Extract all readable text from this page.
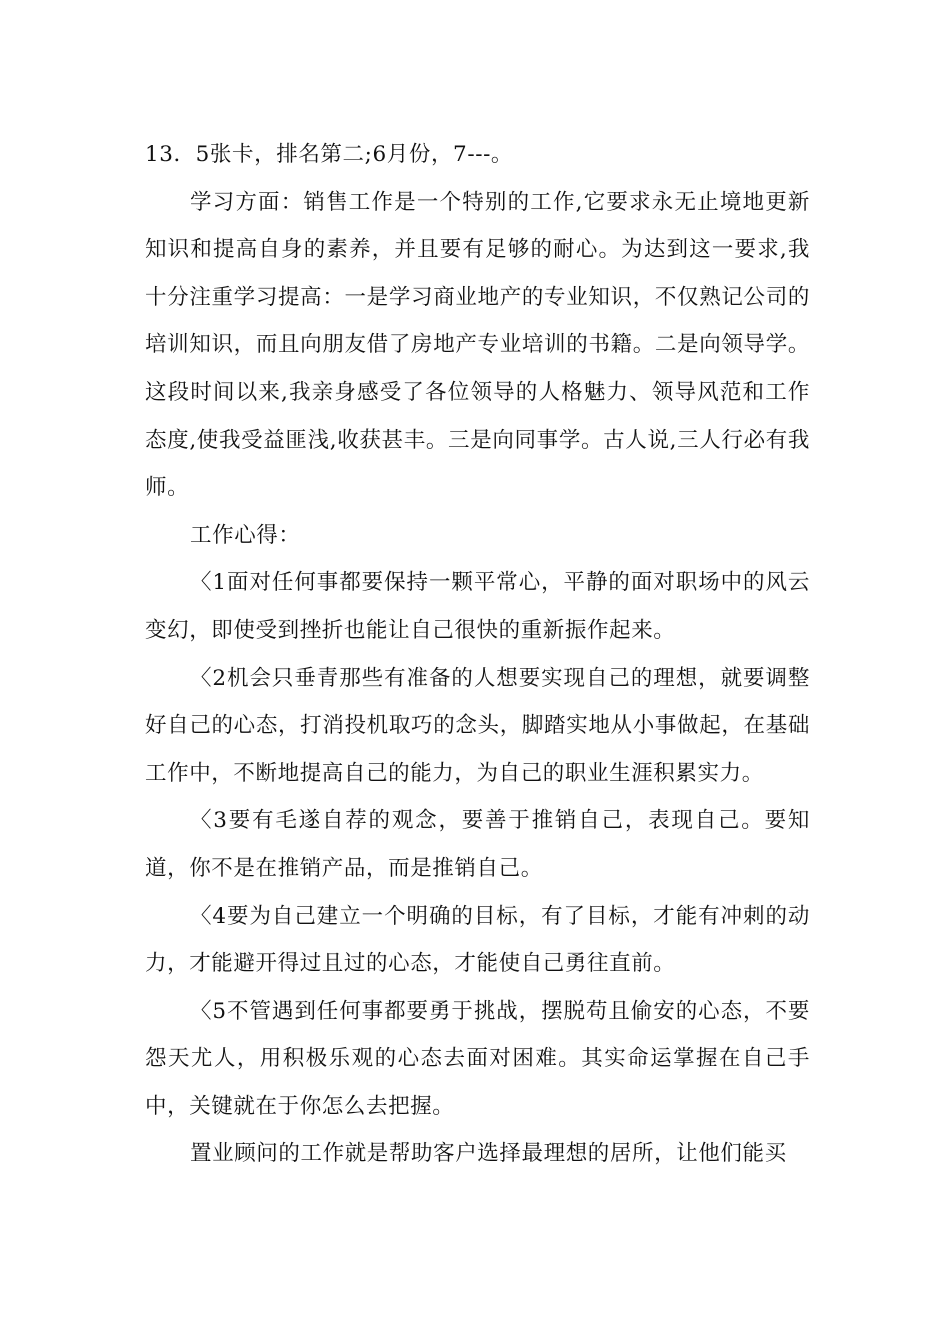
13．5张卡，排名第二;6月份，7---。

学习方面：销售工作是一个特别的工作,它要求永无止境地更新知识和提高自身的素养，并且要有足够的耐心。为达到这一要求,我十分注重学习提高：一是学习商业地产的专业知识，不仅熟记公司的培训知识，而且向朋友借了房地产专业培训的书籍。二是向领导学。这段时间以来,我亲身感受了各位领导的人格魅力、领导风范和工作态度,使我受益匪浅,收获甚丰。三是向同事学。古人说,三人行必有我师。

工作心得：

〈1面对任何事都要保持一颗平常心，平静的面对职场中的风云变幻，即使受到挫折也能让自己很快的重新振作起来。

〈2机会只垂青那些有准备的人想要实现自己的理想，就要调整好自己的心态，打消投机取巧的念头，脚踏实地从小事做起，在基础工作中，不断地提高自己的能力，为自己的职业生涯积累实力。

〈3要有毛遂自荐的观念，要善于推销自己，表现自己。要知道，你不是在推销产品，而是推销自己。

〈4要为自己建立一个明确的目标，有了目标，才能有冲刺的动力，才能避开得过且过的心态，才能使自己勇往直前。

〈5不管遇到任何事都要勇于挑战，摆脱苟且偷安的心态，不要怨天尤人，用积极乐观的心态去面对困难。其实命运掌握在自己手中，关键就在于你怎么去把握。

置业顾问的工作就是帮助客户选择最理想的居所，让他们能买
